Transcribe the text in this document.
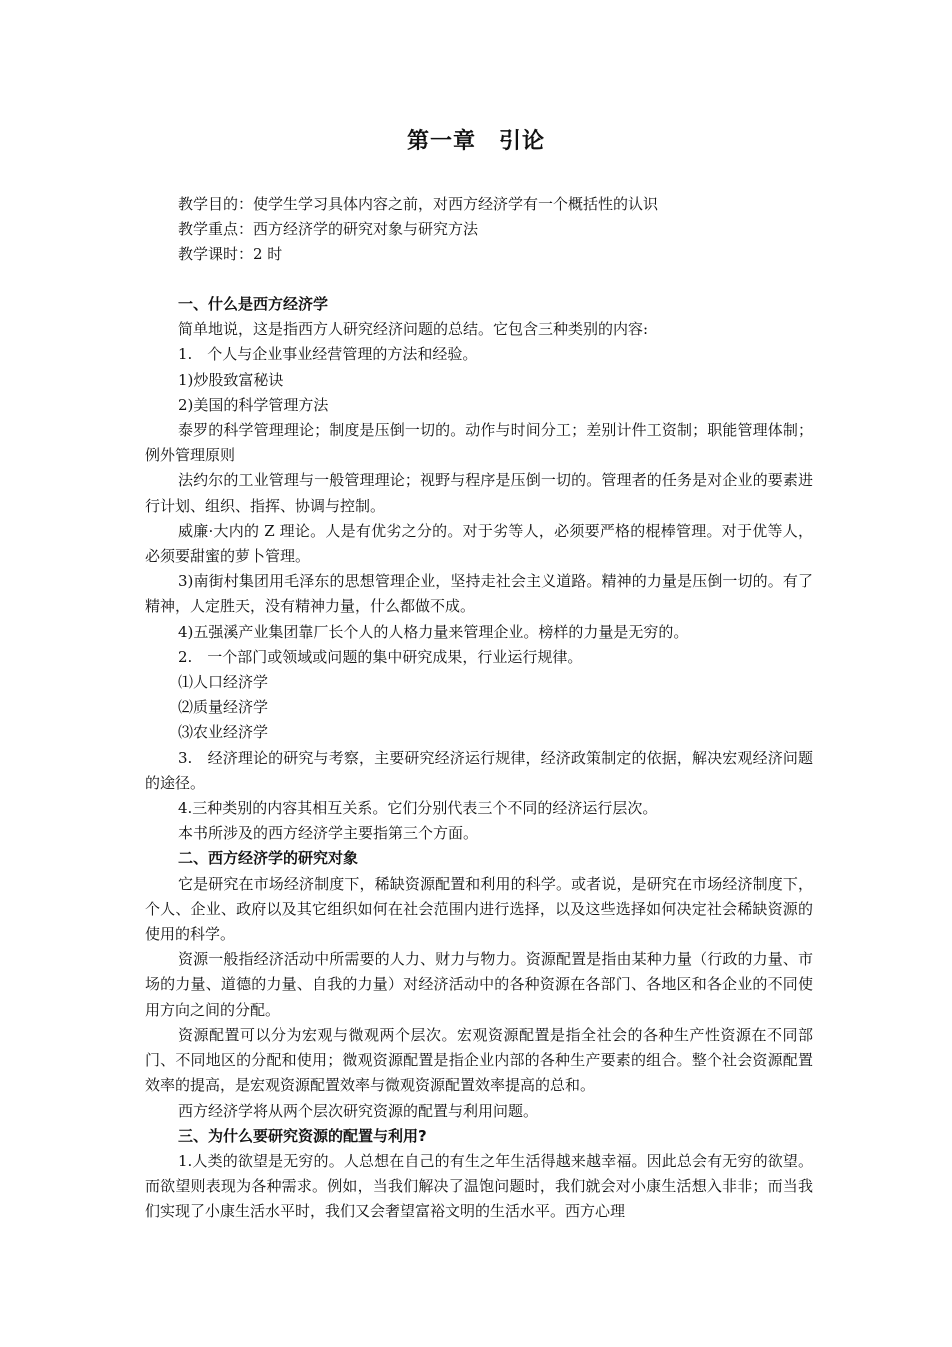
第一章　引论
教学目的：使学生学习具体内容之前，对西方经济学有一个概括性的认识
教学重点：西方经济学的研究对象与研究方法
教学课时：2 时
一、什么是西方经济学

简单地说，这是指西方人研究经济问题的总结。它包含三种类别的内容:

1.　个人与企业事业经营管理的方法和经验。

1)炒股致富秘诀

2)美国的科学管理方法

泰罗的科学管理理论；制度是压倒一切的。动作与时间分工；差别计件工资制；职能管理体制；例外管理原则

法约尔的工业管理与一般管理理论；视野与程序是压倒一切的。管理者的任务是对企业的要素进行计划、组织、指挥、协调与控制。

威廉·大内的 Z 理论。人是有优劣之分的。对于劣等人，必须要严格的棍棒管理。对于优等人，必须要甜蜜的萝卜管理。

3)南街村集团用毛泽东的思想管理企业，坚持走社会主义道路。精神的力量是压倒一切的。有了精神，人定胜天，没有精神力量，什么都做不成。

4)五强溪产业集团靠厂长个人的人格力量来管理企业。榜样的力量是无穷的。

2.　一个部门或领域或问题的集中研究成果，行业运行规律。

⑴人口经济学

⑵质量经济学

⑶农业经济学

3.　经济理论的研究与考察，主要研究经济运行规律，经济政策制定的依据，解决宏观经济问题的途径。

4.三种类别的内容其相互关系。它们分别代表三个不同的经济运行层次。

本书所涉及的西方经济学主要指第三个方面。

二、西方经济学的研究对象

它是研究在市场经济制度下，稀缺资源配置和利用的科学。或者说，是研究在市场经济制度下，个人、企业、政府以及其它组织如何在社会范围内进行选择，以及这些选择如何决定社会稀缺资源的使用的科学。

资源一般指经济活动中所需要的人力、财力与物力。资源配置是指由某种力量（行政的力量、市场的力量、道德的力量、自我的力量）对经济活动中的各种资源在各部门、各地区和各企业的不同使用方向之间的分配。

资源配置可以分为宏观与微观两个层次。宏观资源配置是指全社会的各种生产性资源在不同部门、不同地区的分配和使用；微观资源配置是指企业内部的各种生产要素的组合。整个社会资源配置效率的提高，是宏观资源配置效率与微观资源配置效率提高的总和。

西方经济学将从两个层次研究资源的配置与利用问题。

三、为什么要研究资源的配置与利用?

1.人类的欲望是无穷的。人总想在自己的有生之年生活得越来越幸福。因此总会有无穷的欲望。而欲望则表现为各种需求。例如，当我们解决了温饱问题时，我们就会对小康生活想入非非；而当我们实现了小康生活水平时，我们又会奢望富裕文明的生活水平。西方心理
